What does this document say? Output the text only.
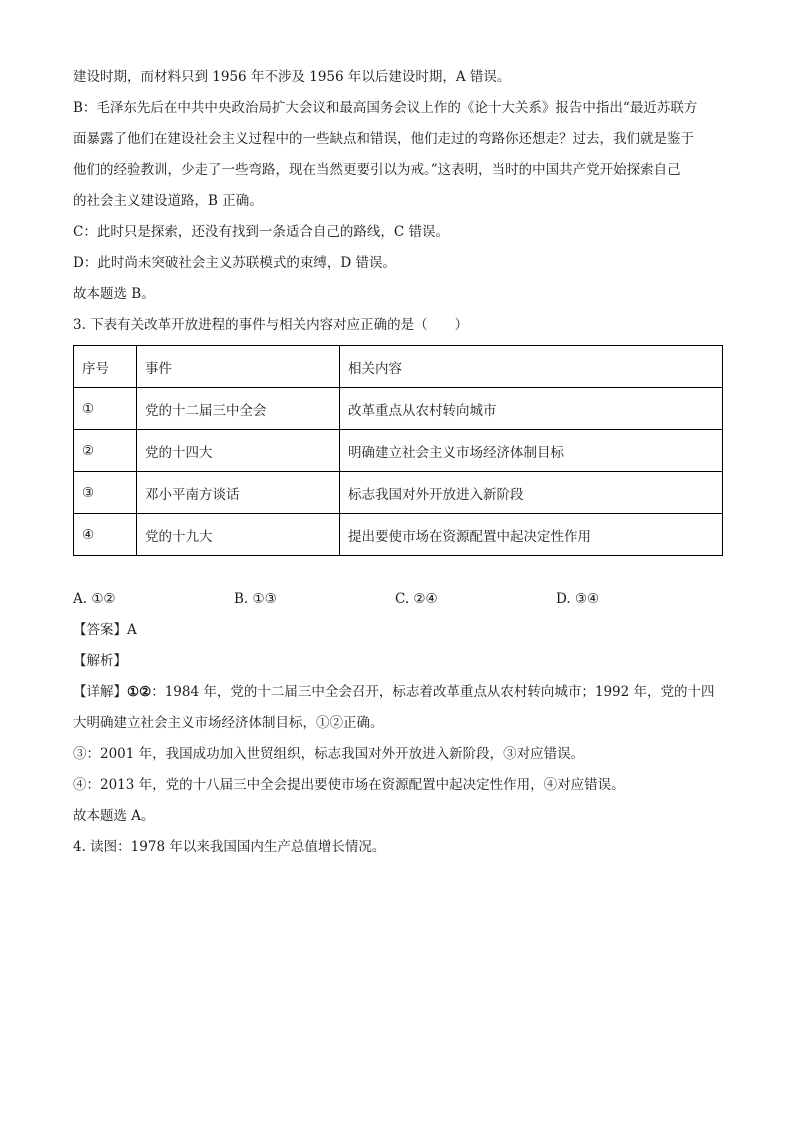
建设时期，而材料只到 1956 年不涉及 1956 年以后建设时期，A 错误。
B：毛泽东先后在中共中央政治局扩大会议和最高国务会议上作的《论十大关系》报告中指出“最近苏联方
面暴露了他们在建设社会主义过程中的一些缺点和错误，他们走过的弯路你还想走？过去，我们就是鉴于
他们的经验教训，少走了一些弯路，现在当然更要引以为戒。”这表明，当时的中国共产党开始探索自己
的社会主义建设道路，B 正确。
C：此时只是探索，还没有找到一条适合自己的路线，C 错误。
D：此时尚未突破社会主义苏联模式的束缚，D 错误。
故本题选 B。
3. 下表有关改革开放进程的事件与相关内容对应正确的是（　　）
序号	事件	相关内容
①	党的十二届三中全会	改革重点从农村转向城市
②	党的十四大	明确建立社会主义市场经济体制目标
③	邓小平南方谈话	标志我国对外开放进入新阶段
④	党的十九大	提出要使市场在资源配置中起决定性作用
A. ①②	B. ①③	C. ②④	D. ③④
【答案】A
【解析】
【详解】①②：1984 年，党的十二届三中全会召开，标志着改革重点从农村转向城市；1992 年，党的十四
大明确建立社会主义市场经济体制目标，①②正确。
③：2001 年，我国成功加入世贸组织，标志我国对外开放进入新阶段，③对应错误。
④：2013 年，党的十八届三中全会提出要使市场在资源配置中起决定性作用，④对应错误。
故本题选 A。
4. 读图：1978 年以来我国国内生产总值增长情况。
